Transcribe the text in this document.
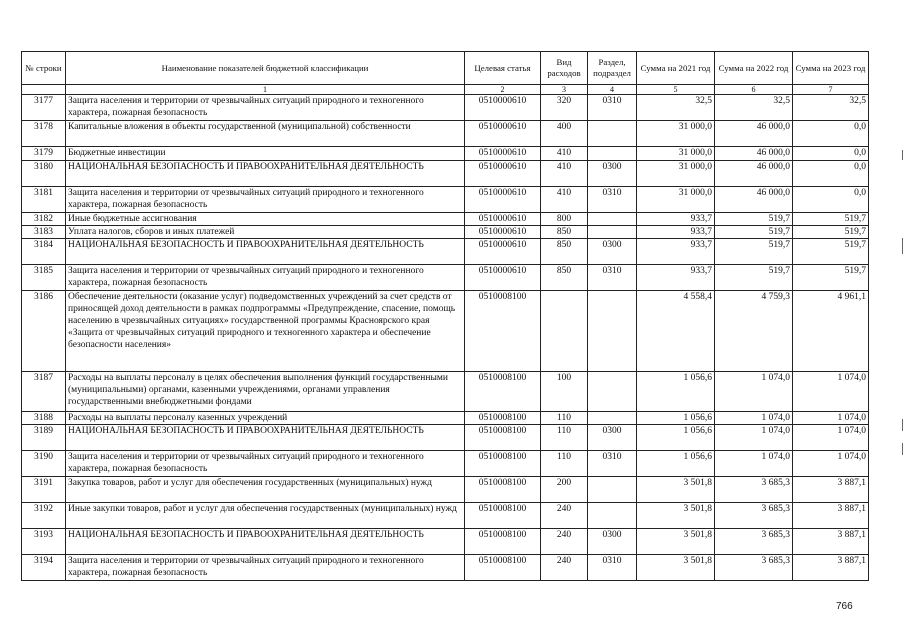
№ строки	Наименование показателей бюджетной классификации	Целевая статья	Вид расходов	Раздел, подраздел	Сумма на 2021 год	Сумма на 2022 год	Сумма на 2023 год
	1	2	3	4	5	6	7
3177	Защита населения и территории от чрезвычайных ситуаций природного и техногенного характера, пожарная безопасность	0510000610	320	0310	32,5	32,5	32,5
3178	Капитальные вложения в объекты государственной (муниципальной) собственности	0510000610	400		31 000,0	46 000,0	0,0
3179	Бюджетные инвестиции	0510000610	410		31 000,0	46 000,0	0,0
3180	НАЦИОНАЛЬНАЯ БЕЗОПАСНОСТЬ И ПРАВООХРАНИТЕЛЬНАЯ ДЕЯТЕЛЬНОСТЬ	0510000610	410	0300	31 000,0	46 000,0	0,0
3181	Защита населения и территории от чрезвычайных ситуаций природного и техногенного характера, пожарная безопасность	0510000610	410	0310	31 000,0	46 000,0	0,0
3182	Иные бюджетные ассигнования	0510000610	800		933,7	519,7	519,7
3183	Уплата налогов, сборов и иных платежей	0510000610	850		933,7	519,7	519,7
3184	НАЦИОНАЛЬНАЯ БЕЗОПАСНОСТЬ И ПРАВООХРАНИТЕЛЬНАЯ ДЕЯТЕЛЬНОСТЬ	0510000610	850	0300	933,7	519,7	519,7
3185	Защита населения и территории от чрезвычайных ситуаций природного и техногенного характера, пожарная безопасность	0510000610	850	0310	933,7	519,7	519,7
3186	Обеспечение деятельности (оказание услуг) подведомственных учреждений за счет средств от приносящей доход деятельности в рамках подпрограммы «Предупреждение, спасение, помощь населению в чрезвычайных ситуациях» государственной программы Красноярского края «Защита от чрезвычайных ситуаций природного и техногенного характера и обеспечение безопасности населения»	0510008100			4 558,4	4 759,3	4 961,1
3187	Расходы на выплаты персоналу в целях обеспечения выполнения функций государственными (муниципальными) органами, казенными учреждениями, органами управления государственными внебюджетными фондами	0510008100	100		1 056,6	1 074,0	1 074,0
3188	Расходы на выплаты персоналу казенных учреждений	0510008100	110		1 056,6	1 074,0	1 074,0
3189	НАЦИОНАЛЬНАЯ БЕЗОПАСНОСТЬ И ПРАВООХРАНИТЕЛЬНАЯ ДЕЯТЕЛЬНОСТЬ	0510008100	110	0300	1 056,6	1 074,0	1 074,0
3190	Защита населения и территории от чрезвычайных ситуаций природного и техногенного характера, пожарная безопасность	0510008100	110	0310	1 056,6	1 074,0	1 074,0
3191	Закупка товаров, работ и услуг для обеспечения государственных (муниципальных) нужд	0510008100	200		3 501,8	3 685,3	3 887,1
3192	Иные закупки товаров, работ и услуг для обеспечения государственных (муниципальных) нужд	0510008100	240		3 501,8	3 685,3	3 887,1
3193	НАЦИОНАЛЬНАЯ БЕЗОПАСНОСТЬ И ПРАВООХРАНИТЕЛЬНАЯ ДЕЯТЕЛЬНОСТЬ	0510008100	240	0300	3 501,8	3 685,3	3 887,1
3194	Защита населения и территории от чрезвычайных ситуаций природного и техногенного характера, пожарная безопасность	0510008100	240	0310	3 501,8	3 685,3	3 887,1
766
